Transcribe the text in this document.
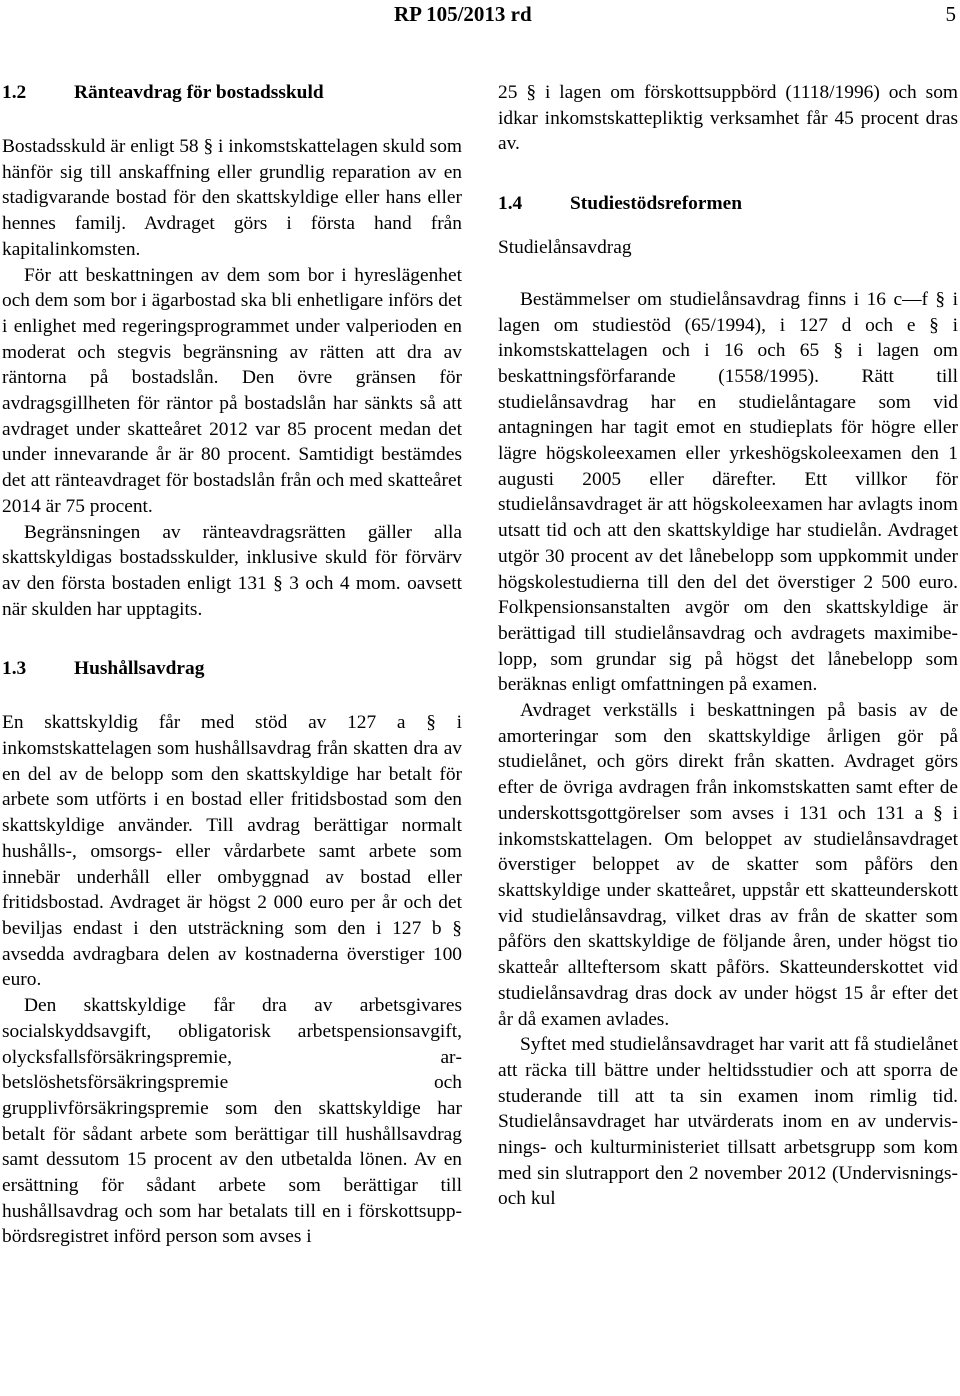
RP 105/2013 rd	5
1.2	Ränteavdrag för bostadsskuld

Bostadsskuld är enligt 58 § i inkomstskattelagen skuld som hänför sig till anskaffning eller grundlig reparation av en stadigvarande bostad för den skattskyldige eller hans eller hennes familj. Avdraget görs i första hand från kapitalinkomsten.

För att beskattningen av dem som bor i hyreslägenhet och dem som bor i ägarbostad ska bli enhetligare införs det i enlighet med regeringsprogrammet under valperioden en moderat och stegvis begränsning av rätten att dra av räntorna på bostadslån. Den övre gränsen för avdragsgillheten för räntor på bostadslån har sänkts så att avdraget under skatteåret 2012 var 85 procent medan det under innevarande år är 80 procent. Samtidigt bestämdes det att ränteavdraget för bostadslån från och med skatteåret 2014 är 75 procent.

Begränsningen av ränteavdragsrätten gäller alla skattskyldigas bostadsskulder, inklusive skuld för förvärv av den första bostaden enligt 131 § 3 och 4 mom. oavsett när skulden har upptagits.

1.3	Hushållsavdrag

En skattskyldig får med stöd av 127 a § i inkomstskattelagen som hushållsavdrag från skatten dra av en del av de belopp som den skattskyldige har betalt för arbete som utförts i en bostad eller fritidsbostad som den skattskyldige använder. Till avdrag berättigar normalt hushålls-, omsorgs- eller vårdarbete samt arbete som innebär underhåll eller ombyggnad av bostad eller fritidsbostad. Avdraget är högst 2 000 euro per år och det beviljas endast i den utsträckning som den i 127 b § avsedda avdragbara delen av kostnaderna överstiger 100 euro.

Den skattskyldige får dra av arbetsgivares socialskyddsavgift, obligatorisk arbetspensionsavgift, olycksfallsförsäkringspremie, arbetslöshetsförsäkringspremie och grupplivförsäkringspremie som den skattskyldige har betalt för sådant arbete som berättigar till hushållsavdrag samt dessutom 15 procent av den utbetalda lönen. Av en ersättning för sådant arbete som berättigar till hushållsavdrag och som har betalats till en i förskottsuppbördsregistret införd person som avses i

25 § i lagen om förskottsuppbörd (1118/1996) och som idkar inkomstskattepliktig verksamhet får 45 procent dras av.

1.4	Studiestödsreformen

Studielånsavdrag

Bestämmelser om studielånsavdrag finns i 16 c—f § i lagen om studiestöd (65/1994), i 127 d och e § i inkomstskattelagen och i 16 och 65 § i lagen om beskattningsförfarande (1558/1995). Rätt till studielånsavdrag har en studielåntagare som vid antagningen har tagit emot en studieplats för högre eller lägre högskoleexamen eller yrkeshögskoleexamen den 1 augusti 2005 eller därefter. Ett villkor för studielånsavdraget är att högskoleexamen har avlagts inom utsatt tid och att den skattskyldige har studielån. Avdraget utgör 30 procent av det lånebelopp som uppkommit under högskolestudierna till den del det överstiger 2 500 euro. Folkpensionsanstalten avgör om den skattskyldige är berättigad till studielånsavdrag och avdragets maximibelopp, som grundar sig på högst det lånebelopp som beräknas enligt omfattningen på examen.

Avdraget verkställs i beskattningen på basis av de amorteringar som den skattskyldige årligen gör på studielånet, och görs direkt från skatten. Avdraget görs efter de övriga avdragen från inkomstskatten samt efter de underskottsgottgörelser som avses i 131 och 131 a § i inkomstskattelagen. Om beloppet av studielånsavdraget överstiger beloppet av de skatter som påförs den skattskyldige under skatteåret, uppstår ett skatteunderskott vid studielånsavdrag, vilket dras av från de skatter som påförs den skattskyldige de följande åren, under högst tio skatteår allteftersom skatt påförs. Skatteunderskottet vid studielånsavdrag dras dock av under högst 15 år efter det år då examen avlades.

Syftet med studielånsavdraget har varit att få studielånet att räcka till bättre under heltidsstudier och att sporra de studerande till att ta sin examen inom rimlig tid. Studielånsavdraget har utvärderats inom en av undervisnings- och kulturministeriet tillsatt arbetsgrupp som kom med sin slutrapport den 2 november 2012 (Undervisnings- och kul
